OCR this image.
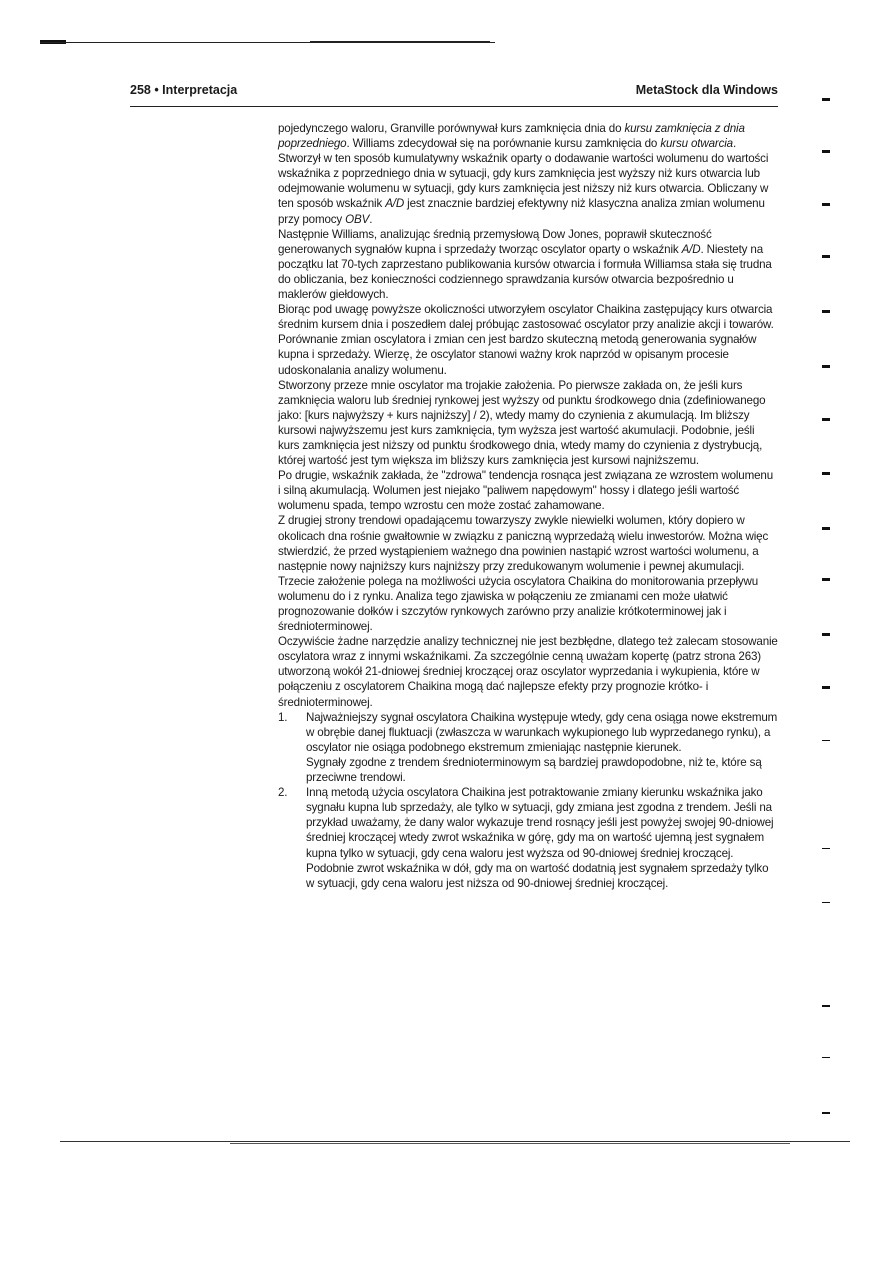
258 • Interpretacja	MetaStock dla Windows

pojedynczego waloru, Granville porównywał kurs zamknięcia dnia do kursu zamknięcia z dnia poprzedniego. Williams zdecydował się na porównanie kursu zamknięcia do kursu otwarcia. Stworzył w ten sposób kumulatywny wskaźnik oparty o dodawanie wartości wolumenu do wartości wskaźnika z poprzedniego dnia w sytuacji, gdy kurs zamknięcia jest wyższy niż kurs otwarcia lub odejmowanie wolumenu w sytuacji, gdy kurs zamknięcia jest niższy niż kurs otwarcia. Obliczany w ten sposób wskaźnik A/D jest znacznie bardziej efektywny niż klasyczna analiza zmian wolumenu przy pomocy OBV.

Następnie Williams, analizując średnią przemysłową Dow Jones, poprawił skuteczność generowanych sygnałów kupna i sprzedaży tworząc oscylator oparty o wskaźnik A/D. Niestety na początku lat 70-tych zaprzestano publikowania kursów otwarcia i formuła Williamsa stała się trudna do obliczania, bez konieczności codziennego sprawdzania kursów otwarcia bezpośrednio u maklerów giełdowych.

Biorąc pod uwagę powyższe okoliczności utworzyłem oscylator Chaikina zastępujący kurs otwarcia średnim kursem dnia i poszedłem dalej próbując zastosować oscylator przy analizie akcji i towarów. Porównanie zmian oscylatora i zmian cen jest bardzo skuteczną metodą generowania sygnałów kupna i sprzedaży. Wierzę, że oscylator stanowi ważny krok naprzód w opisanym procesie udoskonalania analizy wolumenu.

Stworzony przeze mnie oscylator ma trojakie założenia. Po pierwsze zakłada on, że jeśli kurs zamknięcia waloru lub średniej rynkowej jest wyższy od punktu środkowego dnia (zdefiniowanego jako: [kurs najwyższy + kurs najniższy] / 2), wtedy mamy do czynienia z akumulacją. Im bliższy kursowi najwyższemu jest kurs zamknięcia, tym wyższa jest wartość akumulacji. Podobnie, jeśli kurs zamknięcia jest niższy od punktu środkowego dnia, wtedy mamy do czynienia z dystrybucją, której wartość jest tym większa im bliższy kurs zamknięcia jest kursowi najniższemu.

Po drugie, wskaźnik zakłada, że "zdrowa" tendencja rosnąca jest związana ze wzrostem wolumenu i silną akumulacją. Wolumen jest niejako "paliwem napędowym" hossy i dlatego jeśli wartość wolumenu spada, tempo wzrostu cen może zostać zahamowane.

Z drugiej strony trendowi opadającemu towarzyszy zwykle niewielki wolumen, który dopiero w okolicach dna rośnie gwałtownie w związku z paniczną wyprzedażą wielu inwestorów. Można więc stwierdzić, że przed wystąpieniem ważnego dna powinien nastąpić wzrost wartości wolumenu, a następnie nowy najniższy kurs najniższy przy zredukowanym wolumenie i pewnej akumulacji.

Trzecie założenie polega na możliwości użycia oscylatora Chaikina do monitorowania przepływu wolumenu do i z rynku. Analiza tego zjawiska w połączeniu ze zmianami cen może ułatwić prognozowanie dołków i szczytów rynkowych zarówno przy analizie krótkoterminowej jak i średnioterminowej.

Oczywiście żadne narzędzie analizy technicznej nie jest bezbłędne, dlatego też zalecam stosowanie oscylatora wraz z innymi wskaźnikami. Za szczególnie cenną uważam kopertę (patrz strona 263) utworzoną wokół 21-dniowej średniej kroczącej oraz oscylator wyprzedania i wykupienia, które w połączeniu z oscylatorem Chaikina mogą dać najlepsze efekty przy prognozie krótko- i średnioterminowej.

1. Najważniejszy sygnał oscylatora Chaikina występuje wtedy, gdy cena osiąga nowe ekstremum w obrębie danej fluktuacji (zwłaszcza w warunkach wykupionego lub wyprzedanego rynku), a oscylator nie osiąga podobnego ekstremum zmieniając następnie kierunek.

Sygnały zgodne z trendem średnioterminowym są bardziej prawdopodobne, niż te, które są przeciwne trendowi.

2. Inną metodą użycia oscylatora Chaikina jest potraktowanie zmiany kierunku wskaźnika jako sygnału kupna lub sprzedaży, ale tylko w sytuacji, gdy zmiana jest zgodna z trendem. Jeśli na przykład uważamy, że dany walor wykazuje trend rosnący jeśli jest powyżej swojej 90-dniowej średniej kroczącej wtedy zwrot wskaźnika w górę, gdy ma on wartość ujemną jest sygnałem kupna tylko w sytuacji, gdy cena waloru jest wyższa od 90-dniowej średniej kroczącej. Podobnie zwrot wskaźnika w dół, gdy ma on wartość dodatnią jest sygnałem sprzedaży tylko w sytuacji, gdy cena waloru jest niższa od 90-dniowej średniej kroczącej.
